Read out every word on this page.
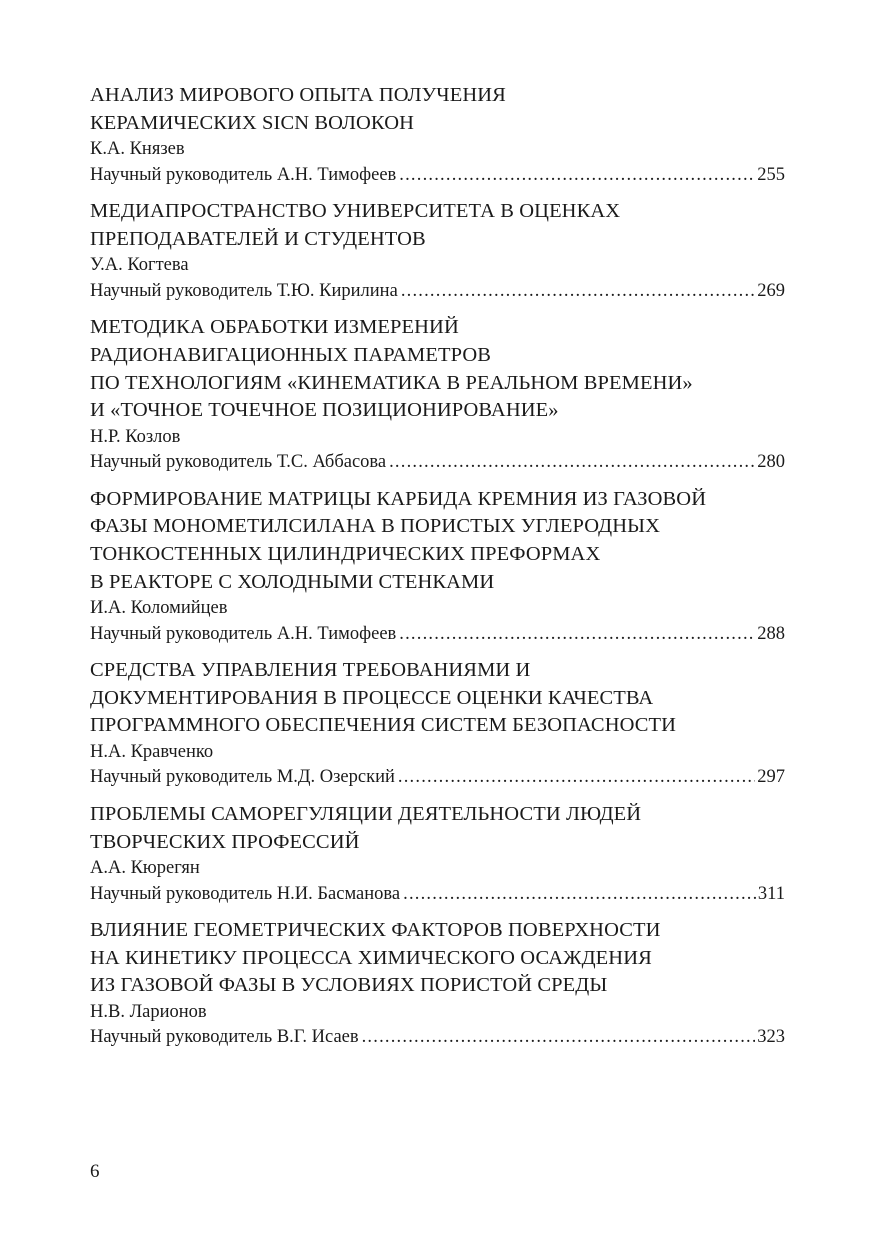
АНАЛИЗ МИРОВОГО ОПЫТА ПОЛУЧЕНИЯ
КЕРАМИЧЕСКИХ SICN ВОЛОКОН
К.А. Князев
Научный руководитель А.Н. Тимофеев .....	255
МЕДИАПРОСТРАНСТВО УНИВЕРСИТЕТА В ОЦЕНКАХ
ПРЕПОДАВАТЕЛЕЙ И СТУДЕНТОВ
У.А. Когтева
Научный руководитель Т.Ю. Кирилина .....	269
МЕТОДИКА ОБРАБОТКИ ИЗМЕРЕНИЙ
РАДИОНАВИГАЦИОННЫХ ПАРАМЕТРОВ
ПО ТЕХНОЛОГИЯМ «КИНЕМАТИКА В РЕАЛЬНОМ ВРЕМЕНИ»
И «ТОЧНОЕ ТОЧЕЧНОЕ ПОЗИЦИОНИРОВАНИЕ»
Н.Р. Козлов
Научный руководитель Т.С. Аббасова .....	280
ФОРМИРОВАНИЕ МАТРИЦЫ КАРБИДА КРЕМНИЯ ИЗ ГАЗОВОЙ
ФАЗЫ МОНОМЕТИЛСИЛАНА В ПОРИСТЫХ УГЛЕРОДНЫХ
ТОНКОСТЕННЫХ ЦИЛИНДРИЧЕСКИХ ПРЕФОРМАХ
В РЕАКТОРЕ С ХОЛОДНЫМИ СТЕНКАМИ
И.А. Коломийцев
Научный руководитель А.Н. Тимофеев .....	288
СРЕДСТВА УПРАВЛЕНИЯ ТРЕБОВАНИЯМИ И
ДОКУМЕНТИРОВАНИЯ В ПРОЦЕССЕ ОЦЕНКИ КАЧЕСТВА
ПРОГРАММНОГО ОБЕСПЕЧЕНИЯ СИСТЕМ БЕЗОПАСНОСТИ
Н.А. Кравченко
Научный руководитель М.Д. Озерский .....	297
ПРОБЛЕМЫ САМОРЕГУЛЯЦИИ ДЕЯТЕЛЬНОСТИ ЛЮДЕЙ
ТВОРЧЕСКИХ ПРОФЕССИЙ
А.А. Кюрегян
Научный руководитель Н.И. Басманова .....	311
ВЛИЯНИЕ ГЕОМЕТРИЧЕСКИХ ФАКТОРОВ ПОВЕРХНОСТИ
НА КИНЕТИКУ ПРОЦЕССА ХИМИЧЕСКОГО ОСАЖДЕНИЯ
ИЗ ГАЗОВОЙ ФАЗЫ В УСЛОВИЯХ ПОРИСТОЙ СРЕДЫ
Н.В. Ларионов
Научный руководитель В.Г. Исаев .....	323
6
